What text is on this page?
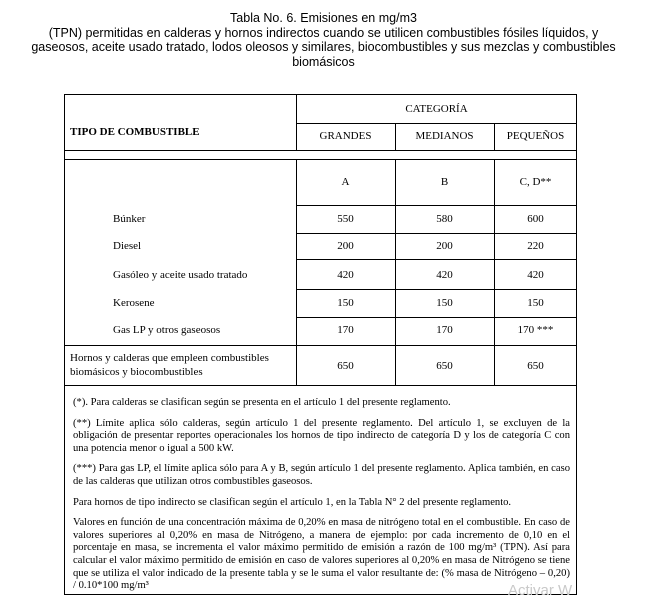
Tabla No. 6. Emisiones en mg/m3
(TPN) permitidas en calderas y hornos indirectos cuando se utilicen combustibles fósiles líquidos, y
gaseosos, aceite usado tratado, lodos oleosos y similares, biocombustibles y sus mezclas y combustibles
biomásicos
TIPO DE COMBUSTIBLE
CATEGORÍA
GRANDES	MEDIANOS	PEQUEÑOS
A	B	C, D**
Búnker	550	580	600
Diesel	200	200	220
Gasóleo y aceite usado tratado	420	420	420
Kerosene	150	150	150
Gas LP y otros gaseosos	170	170	170 ***
Hornos y calderas que empleen combustibles
biomásicos y biocombustibles	650	650	650

(*). Para calderas se clasifican según se presenta en el artículo 1 del presente reglamento.

(**) Límite aplica sólo calderas, según artículo 1 del presente reglamento. Del artículo 1, se excluyen de la obligación de presentar reportes operacionales los hornos de tipo indirecto de categoría D y los de categoría C con una potencia menor o igual a 500 kW.

(***) Para gas LP, el límite aplica sólo para A y B, según artículo 1 del presente reglamento. Aplica también, en caso de las calderas que utilizan otros combustibles gaseosos.

Para hornos de tipo indirecto se clasifican según el artículo 1, en la Tabla N° 2 del presente reglamento.

Valores en función de una concentración máxima de 0,20% en masa de nitrógeno total en el combustible. En caso de valores superiores al 0,20% en masa de Nitrógeno, a manera de ejemplo: por cada incremento de 0,10 en el porcentaje en masa, se incrementa el valor máximo permitido de emisión a razón de 100 mg/m³ (TPN). Así para calcular el valor máximo permitido de emisión en caso de valores superiores al 0,20% en masa de Nitrógeno se tiene que se utiliza el valor indicado de la presente tabla y se le suma el valor resultante de: (% masa de Nitrógeno – 0,20) / 0.10*100 mg/m³	Activar W
